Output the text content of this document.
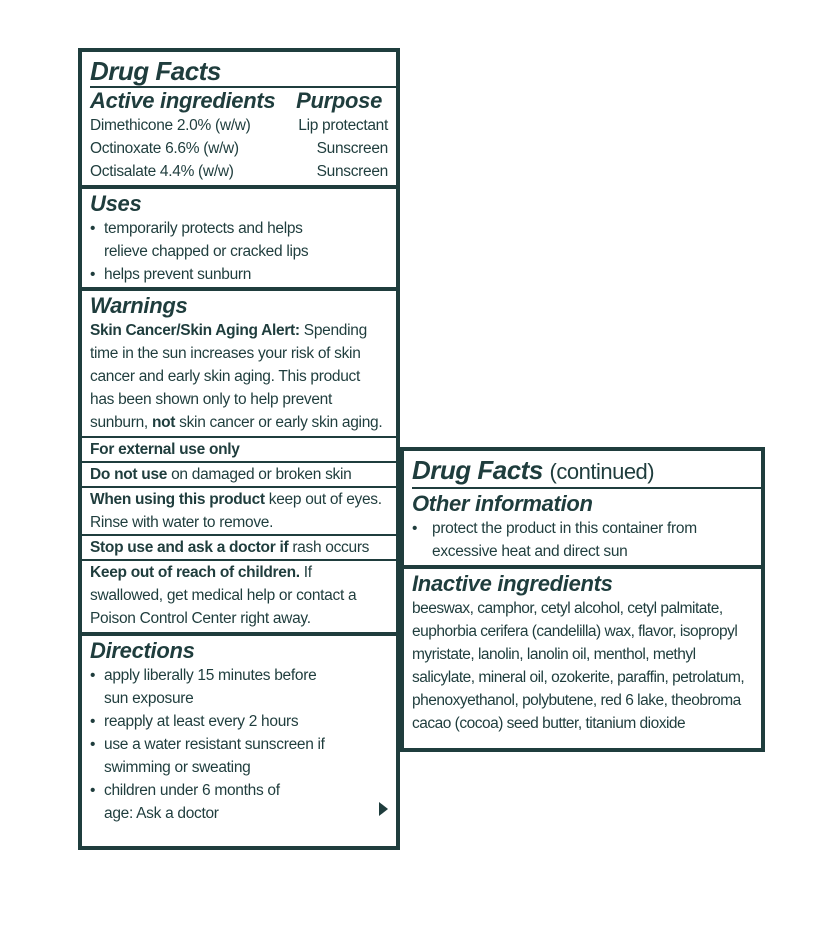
Drug Facts
Active ingredients Purpose
Dimethicone 2.0% (w/w)	Lip protectant
Octinoxate 6.6% (w/w)	Sunscreen
Octisalate 4.4% (w/w)	Sunscreen
Uses
• temporarily protects and helps relieve chapped or cracked lips
• helps prevent sunburn
Warnings
Skin Cancer/Skin Aging Alert: Spending time in the sun increases your risk of skin cancer and early skin aging. This product has been shown only to help prevent sunburn, not skin cancer or early skin aging.
For external use only
Do not use on damaged or broken skin
When using this product keep out of eyes. Rinse with water to remove.
Stop use and ask a doctor if rash occurs
Keep out of reach of children. If swallowed, get medical help or contact a Poison Control Center right away.
Directions
• apply liberally 15 minutes before sun exposure
• reapply at least every 2 hours
• use a water resistant sunscreen if swimming or sweating
• children under 6 months of age: Ask a doctor
Drug Facts (continued)
Other information
• protect the product in this container from excessive heat and direct sun
Inactive ingredients
beeswax, camphor, cetyl alcohol, cetyl palmitate, euphorbia cerifera (candelilla) wax, flavor, isopropyl myristate, lanolin, lanolin oil, menthol, methyl salicylate, mineral oil, ozokerite, paraffin, petrolatum, phenoxyethanol, polybutene, red 6 lake, theobroma cacao (cocoa) seed butter, titanium dioxide
